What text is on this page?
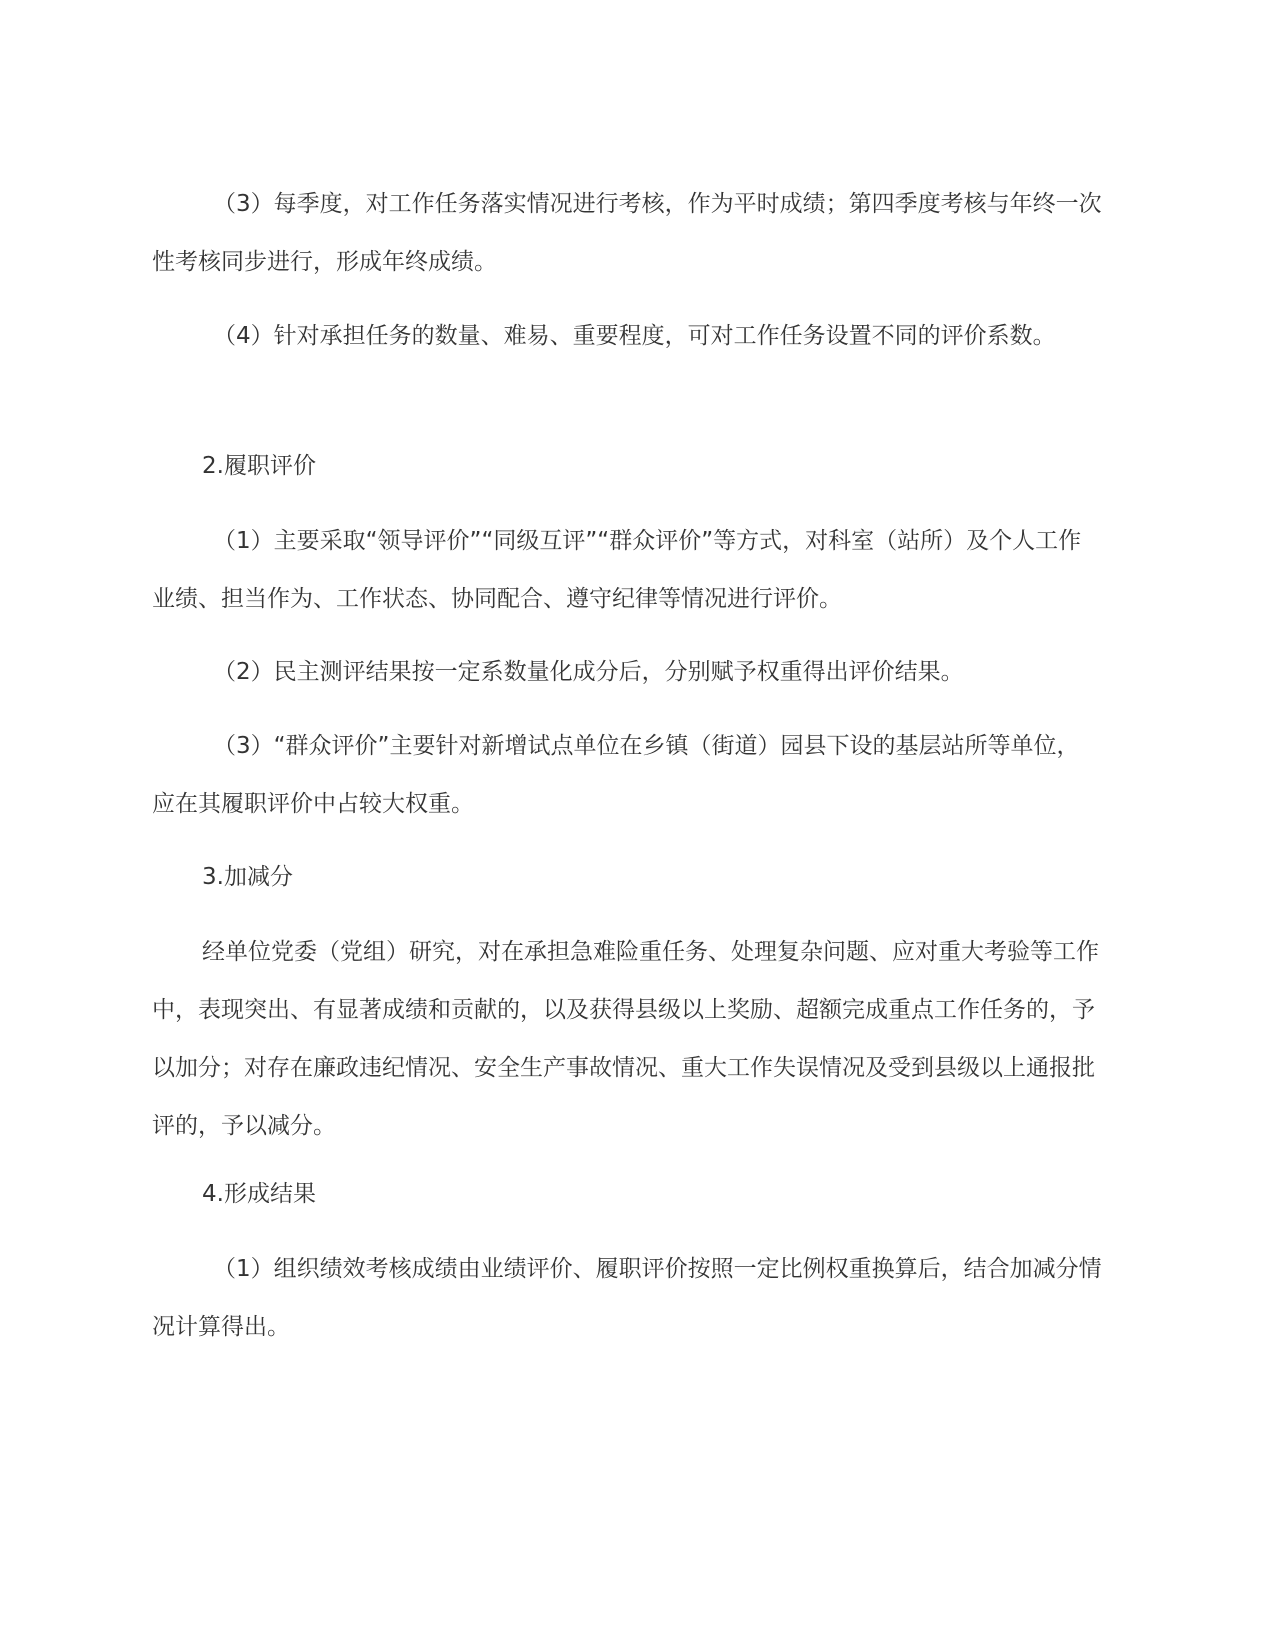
（3）每季度，对工作任务落实情况进行考核，作为平时成绩；第四季度考核与年终一次性考核同步进行，形成年终成绩。

（4）针对承担任务的数量、难易、重要程度，可对工作任务设置不同的评价系数。

2.履职评价

（1）主要采取“领导评价”“同级互评”“群众评价”等方式，对科室（站所）及个人工作业绩、担当作为、工作状态、协同配合、遵守纪律等情况进行评价。

（2）民主测评结果按一定系数量化成分后，分别赋予权重得出评价结果。

（3）“群众评价”主要针对新增试点单位在乡镇（街道）园县下设的基层站所等单位，应在其履职评价中占较大权重。

3.加减分

经单位党委（党组）研究，对在承担急难险重任务、处理复杂问题、应对重大考验等工作中，表现突出、有显著成绩和贡献的，以及获得县级以上奖励、超额完成重点工作任务的，予以加分；对存在廉政违纪情况、安全生产事故情况、重大工作失误情况及受到县级以上通报批评的，予以减分。

4.形成结果

（1）组织绩效考核成绩由业绩评价、履职评价按照一定比例权重换算后，结合加减分情况计算得出。
